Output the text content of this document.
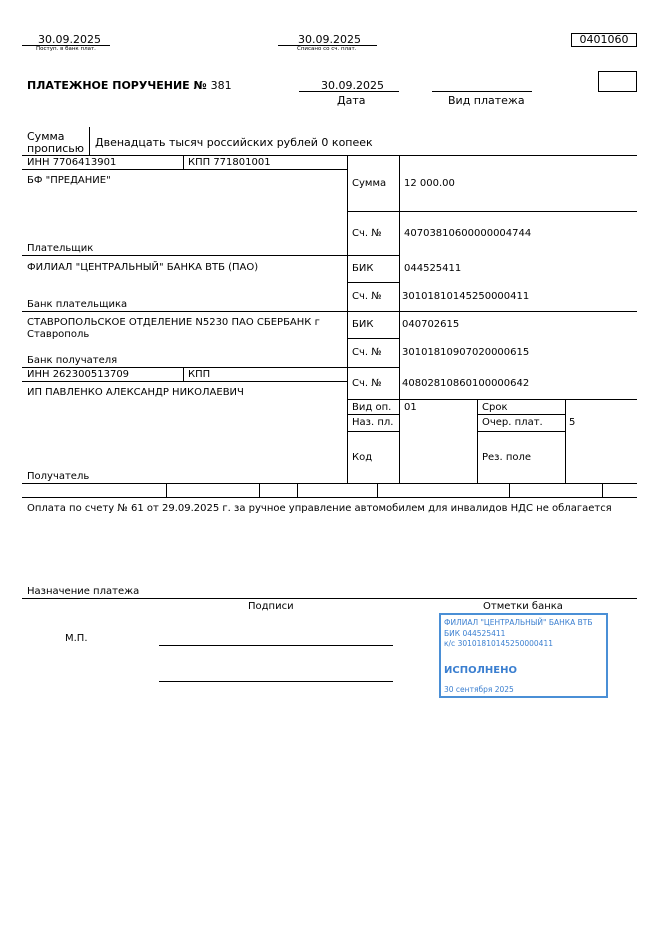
30.09.2025
Поступ. в банк плат.
30.09.2025
Списано со сч. плат.
0401060
ПЛАТЕЖНОЕ ПОРУЧЕНИЕ № 381	30.09.2025
Дата	Вид платежа
Сумма
прописью Двенадцать тысяч российских рублей 0 копеек
ИНН 7706413901	КПП 771801001
БФ "ПРЕДАНИЕ"
Плательщик
ФИЛИАЛ "ЦЕНТРАЛЬНЫЙ" БАНКА ВТБ (ПАО)
Банк плательщика
СТАВРОПОЛЬСКОЕ ОТДЕЛЕНИЕ N5230 ПАО СБЕРБАНК г
Ставрополь
Банк получателя
ИНН 262300513709	КПП
ИП ПАВЛЕНКО АЛЕКСАНДР НИКОЛАЕВИЧ
Получатель
Сумма 12 000.00
Сч. № 40703810600000004744
БИК	044525411
Сч. № 30101810145250000411
БИК	040702615
Сч. № 30101810907020000615
Сч. № 40802810860100000642
Вид оп. 01
Наз. пл.
Код
Срок
Очер. плат.	5
Рез. поле
Оплата по счету № 61 от 29.09.2025 г. за ручное управление автомобилем для инвалидов НДС не облагается
Назначение платежа
Подписи	Отметки банка
М.П.
ФИЛИАЛ "ЦЕНТРАЛЬНЫЙ" БАНКА ВТБ
БИК 044525411
к/с 30101810145250000411
ИСПОЛНЕНО
30 сентября 2025
